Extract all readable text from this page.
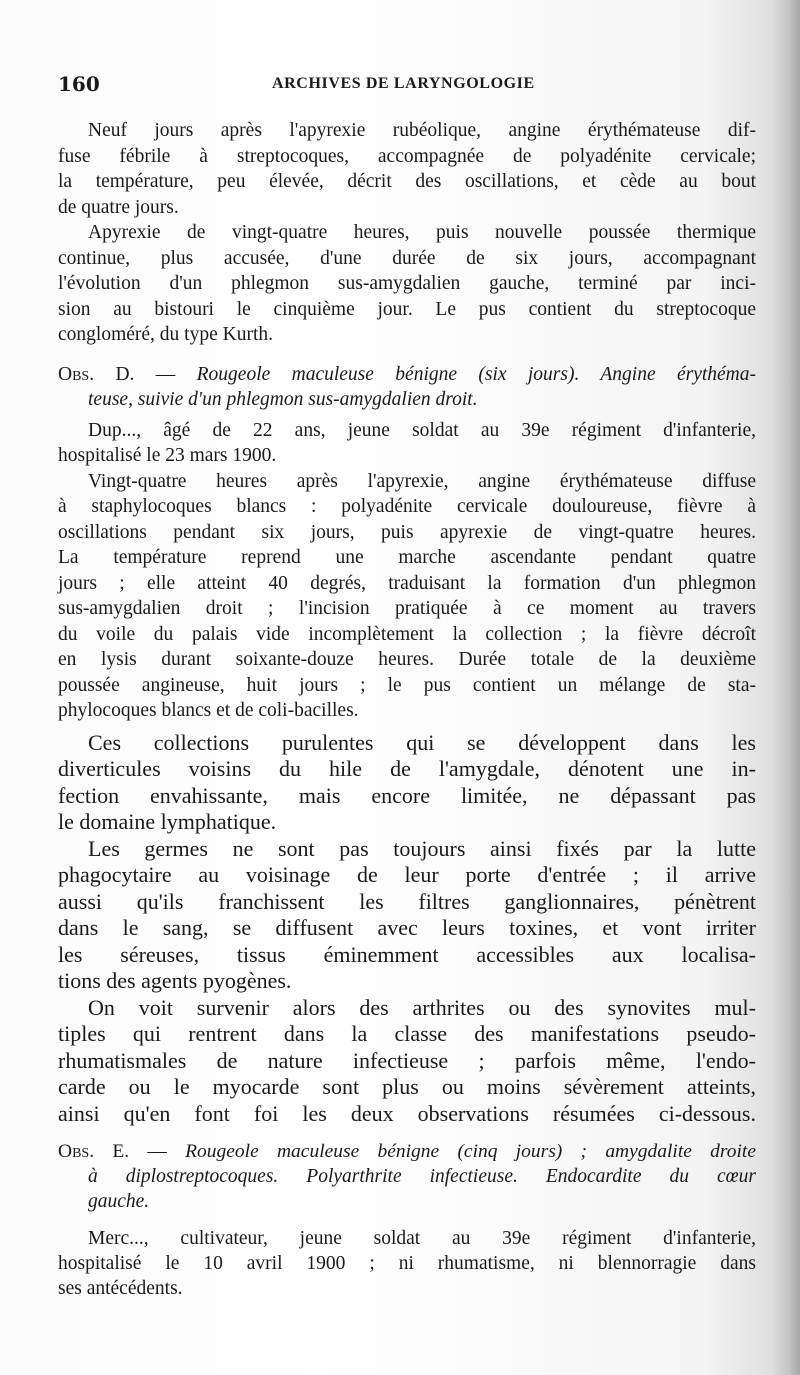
160	ARCHIVES DE LARYNGOLOGIE
Neuf jours après l'apyrexie rubéolique, angine érythémateuse dif-
fuse fébrile à streptocoques, accompagnée de polyadénite cervicale;
la température, peu élevée, décrit des oscillations, et cède au bout
de quatre jours.
Apyrexie de vingt-quatre heures, puis nouvelle poussée thermique
continue, plus accusée, d'une durée de six jours, accompagnant
l'évolution d'un phlegmon sus-amygdalien gauche, terminé par inci-
sion au bistouri le cinquième jour. Le pus contient du streptocoque
congloméré, du type Kurth.
Obs. D. — Rougeole maculeuse bénigne (six jours). Angine érythéma-
teuse, suivie d'un phlegmon sus-amygdalien droit.
Dup..., âgé de 22 ans, jeune soldat au 39e régiment d'infanterie,
hospitalisé le 23 mars 1900.
Vingt-quatre heures après l'apyrexie, angine érythémateuse diffuse
à staphylocoques blancs : polyadénite cervicale douloureuse, fièvre à
oscillations pendant six jours, puis apyrexie de vingt-quatre heures.
La température reprend une marche ascendante pendant quatre
jours ; elle atteint 40 degrés, traduisant la formation d'un phlegmon
sus-amygdalien droit ; l'incision pratiquée à ce moment au travers
du voile du palais vide incomplètement la collection ; la fièvre décroît
en lysis durant soixante-douze heures. Durée totale de la deuxième
poussée angineuse, huit jours ; le pus contient un mélange de sta-
phylocoques blancs et de coli-bacilles.
Ces collections purulentes qui se développent dans les
diverticules voisins du hile de l'amygdale, dénotent une in-
fection envahissante, mais encore limitée, ne dépassant pas
le domaine lymphatique.
Les germes ne sont pas toujours ainsi fixés par la lutte
phagocytaire au voisinage de leur porte d'entrée ; il arrive
aussi qu'ils franchissent les filtres ganglionnaires, pénètrent
dans le sang, se diffusent avec leurs toxines, et vont irriter
les séreuses, tissus éminemment accessibles aux localisa-
tions des agents pyogènes.
On voit survenir alors des arthrites ou des synovites mul-
tiples qui rentrent dans la classe des manifestations pseudo-
rhumatismales de nature infectieuse ; parfois même, l'endo-
carde ou le myocarde sont plus ou moins sévèrement atteints,
ainsi qu'en font foi les deux observations résumées ci-dessous.
Obs. E. — Rougeole maculeuse bénigne (cinq jours) ; amygdalite droite
à diplostreptocoques. Polyarthrite infectieuse. Endocardite du cœur
gauche.
Merc..., cultivateur, jeune soldat au 39e régiment d'infanterie,
hospitalisé le 10 avril 1900 ; ni rhumatisme, ni blennorragie dans
ses antécédents.
